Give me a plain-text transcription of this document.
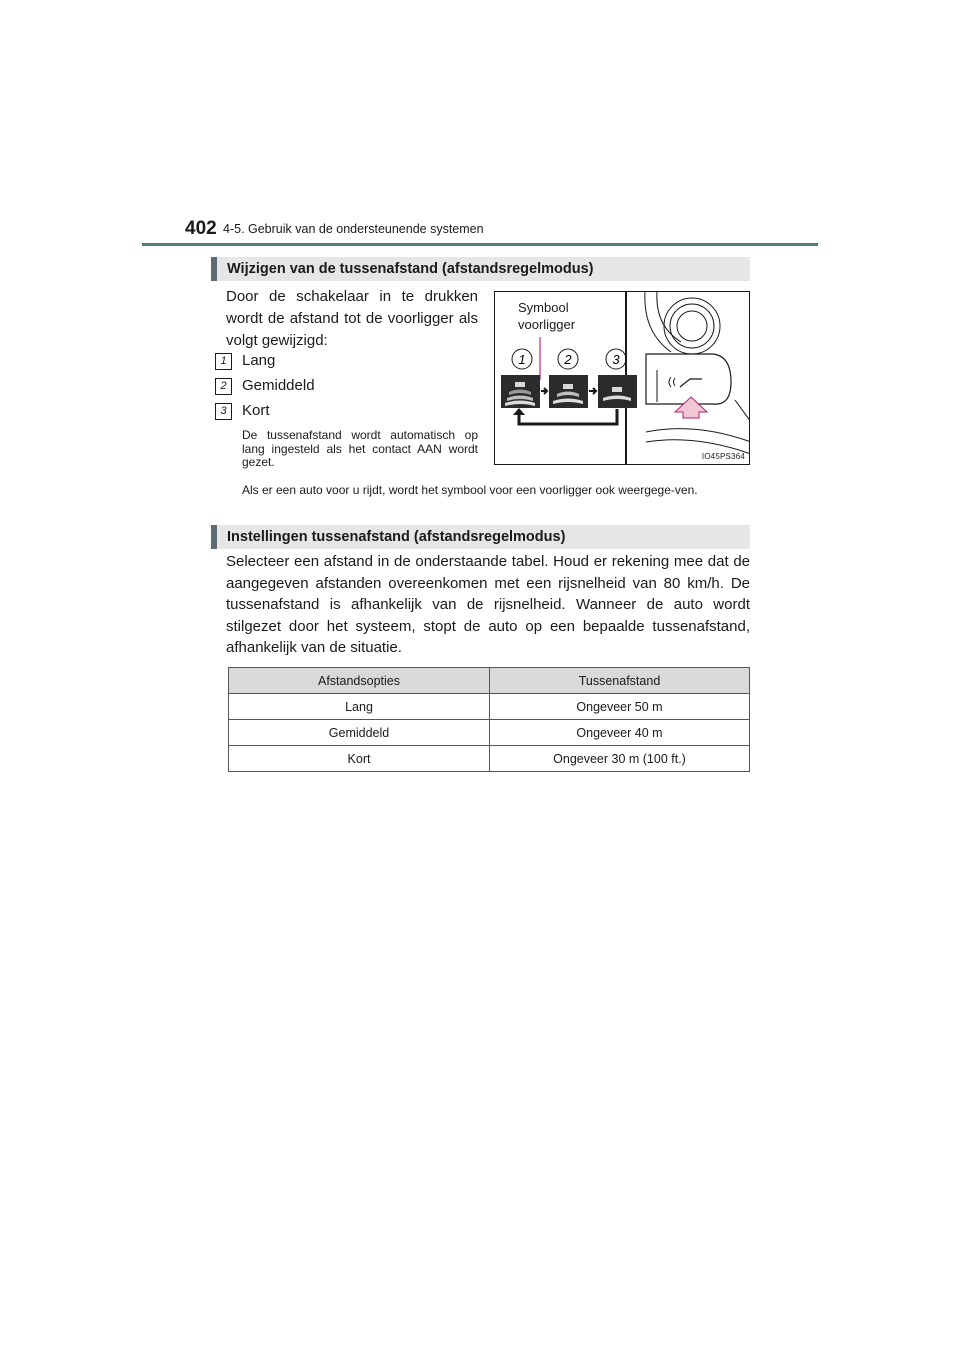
402 4-5. Gebruik van de ondersteunende systemen
Wijzigen van de tussenafstand (afstandsregelmodus)
Door de schakelaar in te drukken
wordt de afstand tot de voorligger als
volgt gewijzigd:
1	Lang
2	Gemiddeld
3	Kort
De tussenafstand wordt automatisch op lang ingesteld als het contact AAN wordt gezet.
1	2	3
Symbool
voorligger
IO45PS364
Als er een auto voor u rijdt, wordt het symbool voor een voorligger ook weergege-ven.
Instellingen tussenafstand (afstandsregelmodus)
Selecteer een afstand in de onderstaande tabel. Houd er rekening mee dat de aangegeven afstanden overeenkomen met een rijsnelheid van 80 km/h. De tussenafstand is afhankelijk van de rijsnelheid. Wanneer de auto wordt stilgezet door het systeem, stopt de auto op een bepaalde tussenafstand, afhankelijk van de situatie.
Afstandsopties	Tussenafstand
Lang	Ongeveer 50 m
Gemiddeld	Ongeveer 40 m
Kort	Ongeveer 30 m (100 ft.)
